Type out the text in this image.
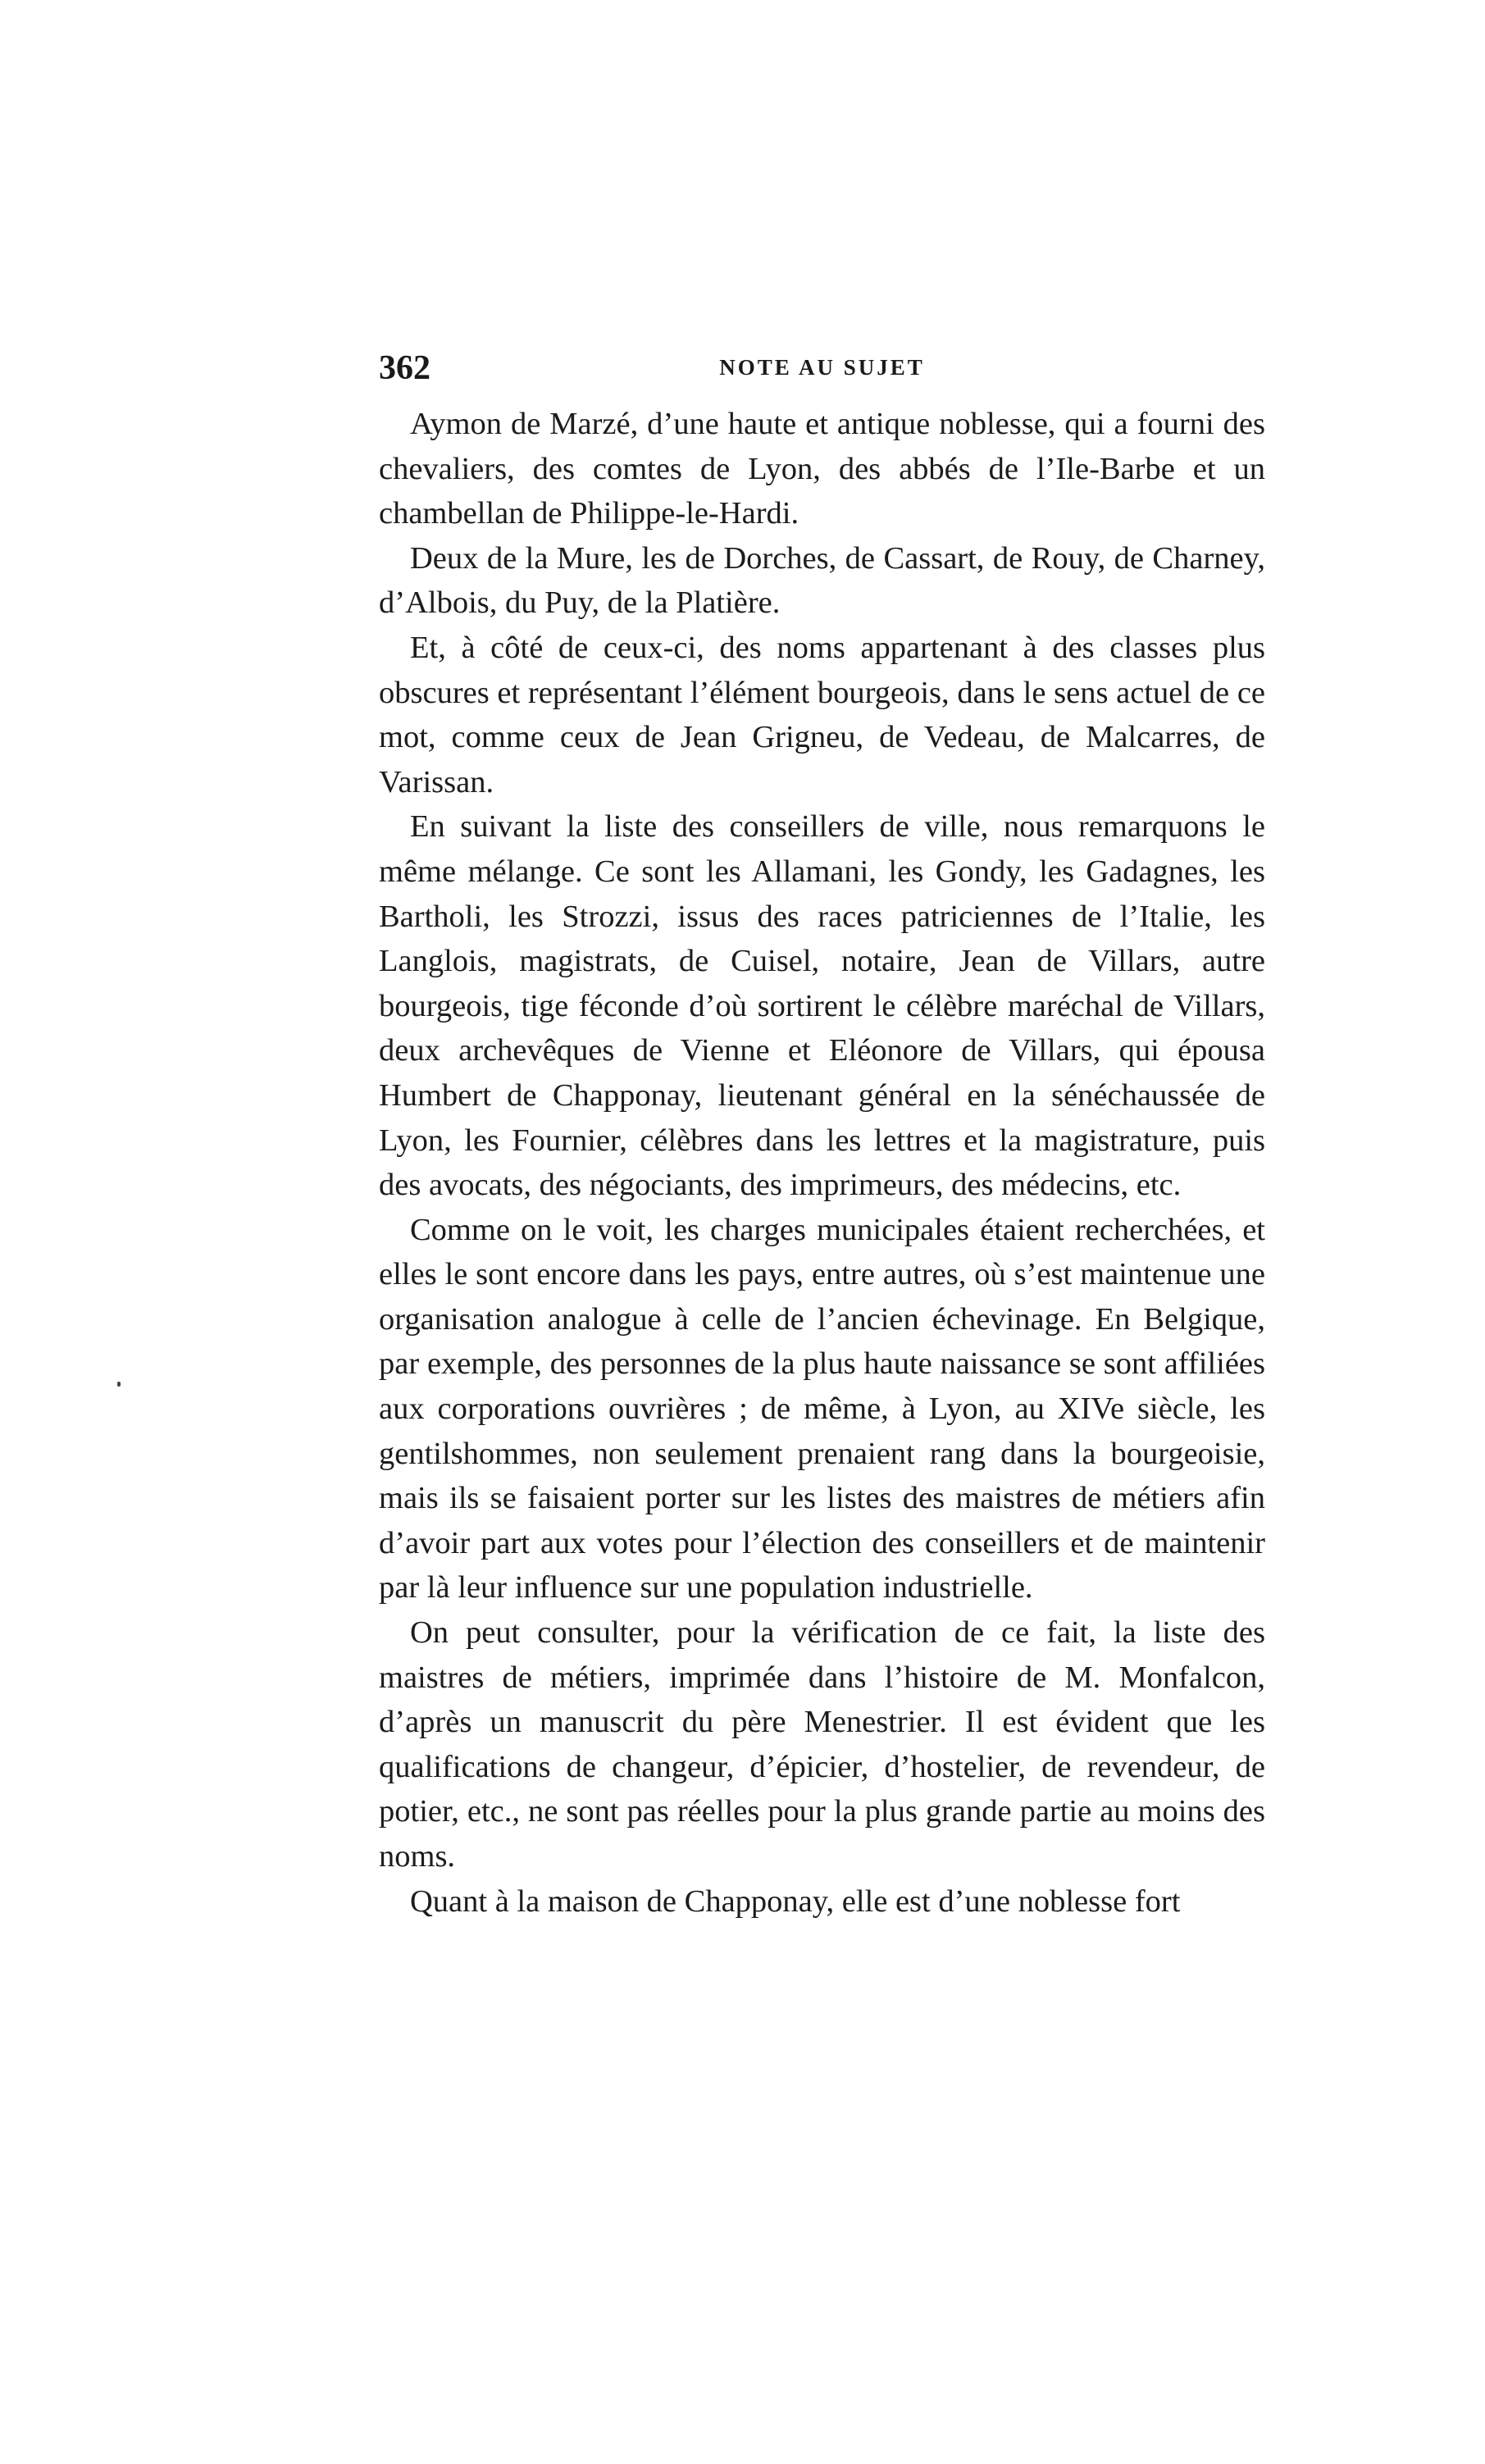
362	NOTE AU SUJET

Aymon de Marzé, d’une haute et antique noblesse, qui a fourni des chevaliers, des comtes de Lyon, des abbés de l’Ile-Barbe et un chambellan de Philippe-le-Hardi.

Deux de la Mure, les de Dorches, de Cassart, de Rouy, de Charney, d’Albois, du Puy, de la Platière.

Et, à côté de ceux-ci, des noms appartenant à des classes plus obscures et représentant l’élément bourgeois, dans le sens actuel de ce mot, comme ceux de Jean Grigneu, de Vedeau, de Malcarres, de Varissan.

En suivant la liste des conseillers de ville, nous remarquons le même mélange. Ce sont les Allamani, les Gondy, les Gadagnes, les Bartholi, les Strozzi, issus des races patriciennes de l’Italie, les Langlois, magistrats, de Cuisel, notaire, Jean de Villars, autre bourgeois, tige féconde d’où sortirent le célèbre maréchal de Villars, deux archevêques de Vienne et Eléonore de Villars, qui épousa Humbert de Chapponay, lieutenant général en la sénéchaussée de Lyon, les Fournier, célèbres dans les lettres et la magistrature, puis des avocats, des négociants, des imprimeurs, des médecins, etc.

Comme on le voit, les charges municipales étaient recherchées, et elles le sont encore dans les pays, entre autres, où s’est maintenue une organisation analogue à celle de l’ancien échevinage. En Belgique, par exemple, des personnes de la plus haute naissance se sont affiliées aux corporations ouvrières ; de même, à Lyon, au XIVe siècle, les gentilshommes, non seulement prenaient rang dans la bourgeoisie, mais ils se faisaient porter sur les listes des maistres de métiers afin d’avoir part aux votes pour l’élection des conseillers et de maintenir par là leur influence sur une population industrielle.

On peut consulter, pour la vérification de ce fait, la liste des maistres de métiers, imprimée dans l’histoire de M. Monfalcon, d’après un manuscrit du père Menestrier. Il est évident que les qualifications de changeur, d’épicier, d’hostelier, de revendeur, de potier, etc., ne sont pas réelles pour la plus grande partie au moins des noms.

Quant à la maison de Chapponay, elle est d’une noblesse fort
